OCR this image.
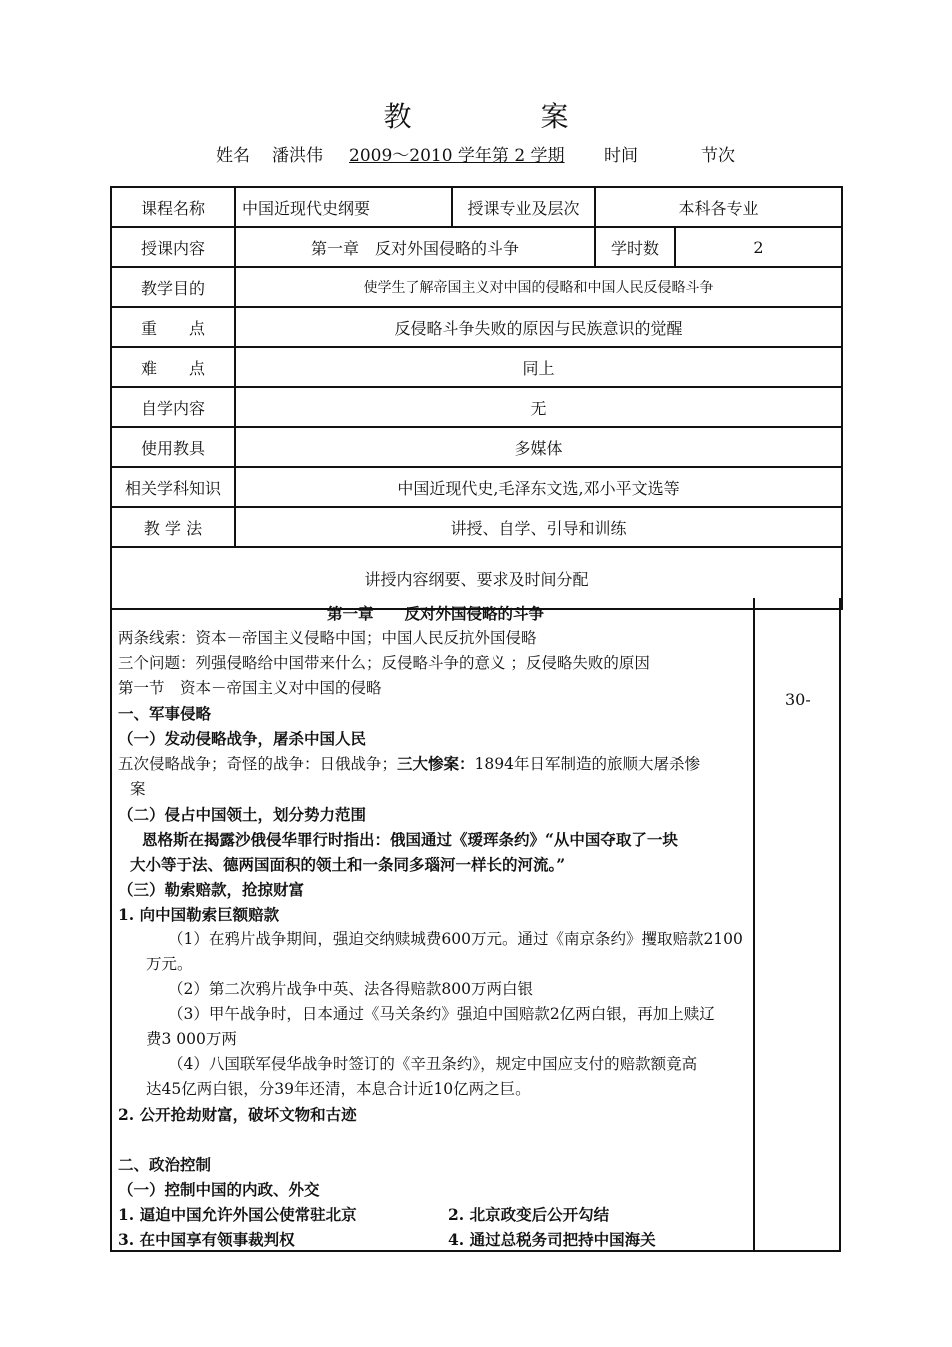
教 案
姓名 潘洪伟 2009～2010 学年第 2 学期 时间	节次
课程名称	中国近现代史纲要	授课专业及层次	本科各专业	
授课内容	第一章　反对外国侵略的斗争		学时数	2
教学目的	使学生了解帝国主义对中国的侵略和中国人民反侵略斗争			
重　　点	反侵略斗争失败的原因与民族意识的觉醒			
难　　点	同上			
自学内容	无			
使用教具	多媒体			
相关学科知识	中国近现代史,毛泽东文选,邓小平文选等			
教 学 法	讲授、自学、引导和训练			
讲授内容纲要、要求及时间分配				
30-
第一章　　反对外国侵略的斗争
两条线索：资本－帝国主义侵略中国；中国人民反抗外国侵略
三个问题：列强侵略给中国带来什么；反侵略斗争的意义 ；反侵略失败的原因
第一节　资本－帝国主义对中国的侵略
一、军事侵略
（一）发动侵略战争，屠杀中国人民
五次侵略战争；奇怪的战争：日俄战争；三大惨案：1894年日军制造的旅顺大屠杀惨
案
（二）侵占中国领土，划分势力范围
恩格斯在揭露沙俄侵华罪行时指出：俄国通过《瑷珲条约》“从中国夺取了一块
大小等于法、德两国面积的领土和一条同多瑙河一样长的河流。”
（三）勒索赔款，抢掠财富
1. 向中国勒索巨额赔款
（1）在鸦片战争期间，强迫交纳赎城费600万元。通过《南京条约》攫取赔款2100
万元。
（2）第二次鸦片战争中英、法各得赔款800万两白银
（3）甲午战争时，日本通过《马关条约》强迫中国赔款2亿两白银，再加上赎辽
费3 000万两
（4）八国联军侵华战争时签订的《辛丑条约》，规定中国应支付的赔款额竟高
达45亿两白银，分39年还清，本息合计近10亿两之巨。
2. 公开抢劫财富，破坏文物和古迹
二、政治控制
（一）控制中国的内政、外交
1. 逼迫中国允许外国公使常驻北京	2. 北京政变后公开勾结
3. 在中国享有领事裁判权	4. 通过总税务司把持中国海关
